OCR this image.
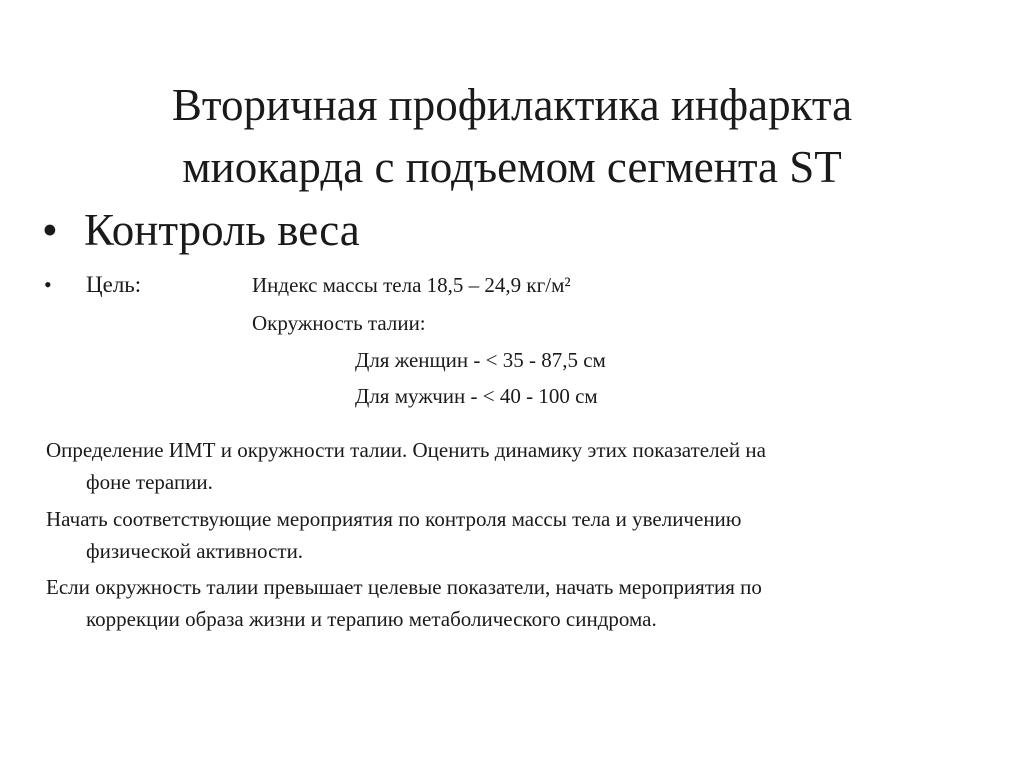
Вторичная профилактика инфаркта
миокарда с подъемом сегмента ST
• Контроль веса
• Цель:	Индекс массы тела 18,5 – 24,9 кг/м²
Окружность талии:
Для женщин - < 35 - 87,5 см
Для мужчин - < 40 - 100 см
Определение ИМТ и окружности талии. Оценить динамику этих показателей на
фоне терапии.
Начать соответствующие мероприятия по контроля массы тела и увеличению
физической активности.
Если окружность талии превышает целевые показатели, начать мероприятия по
коррекции образа жизни и терапию метаболического синдрома.
